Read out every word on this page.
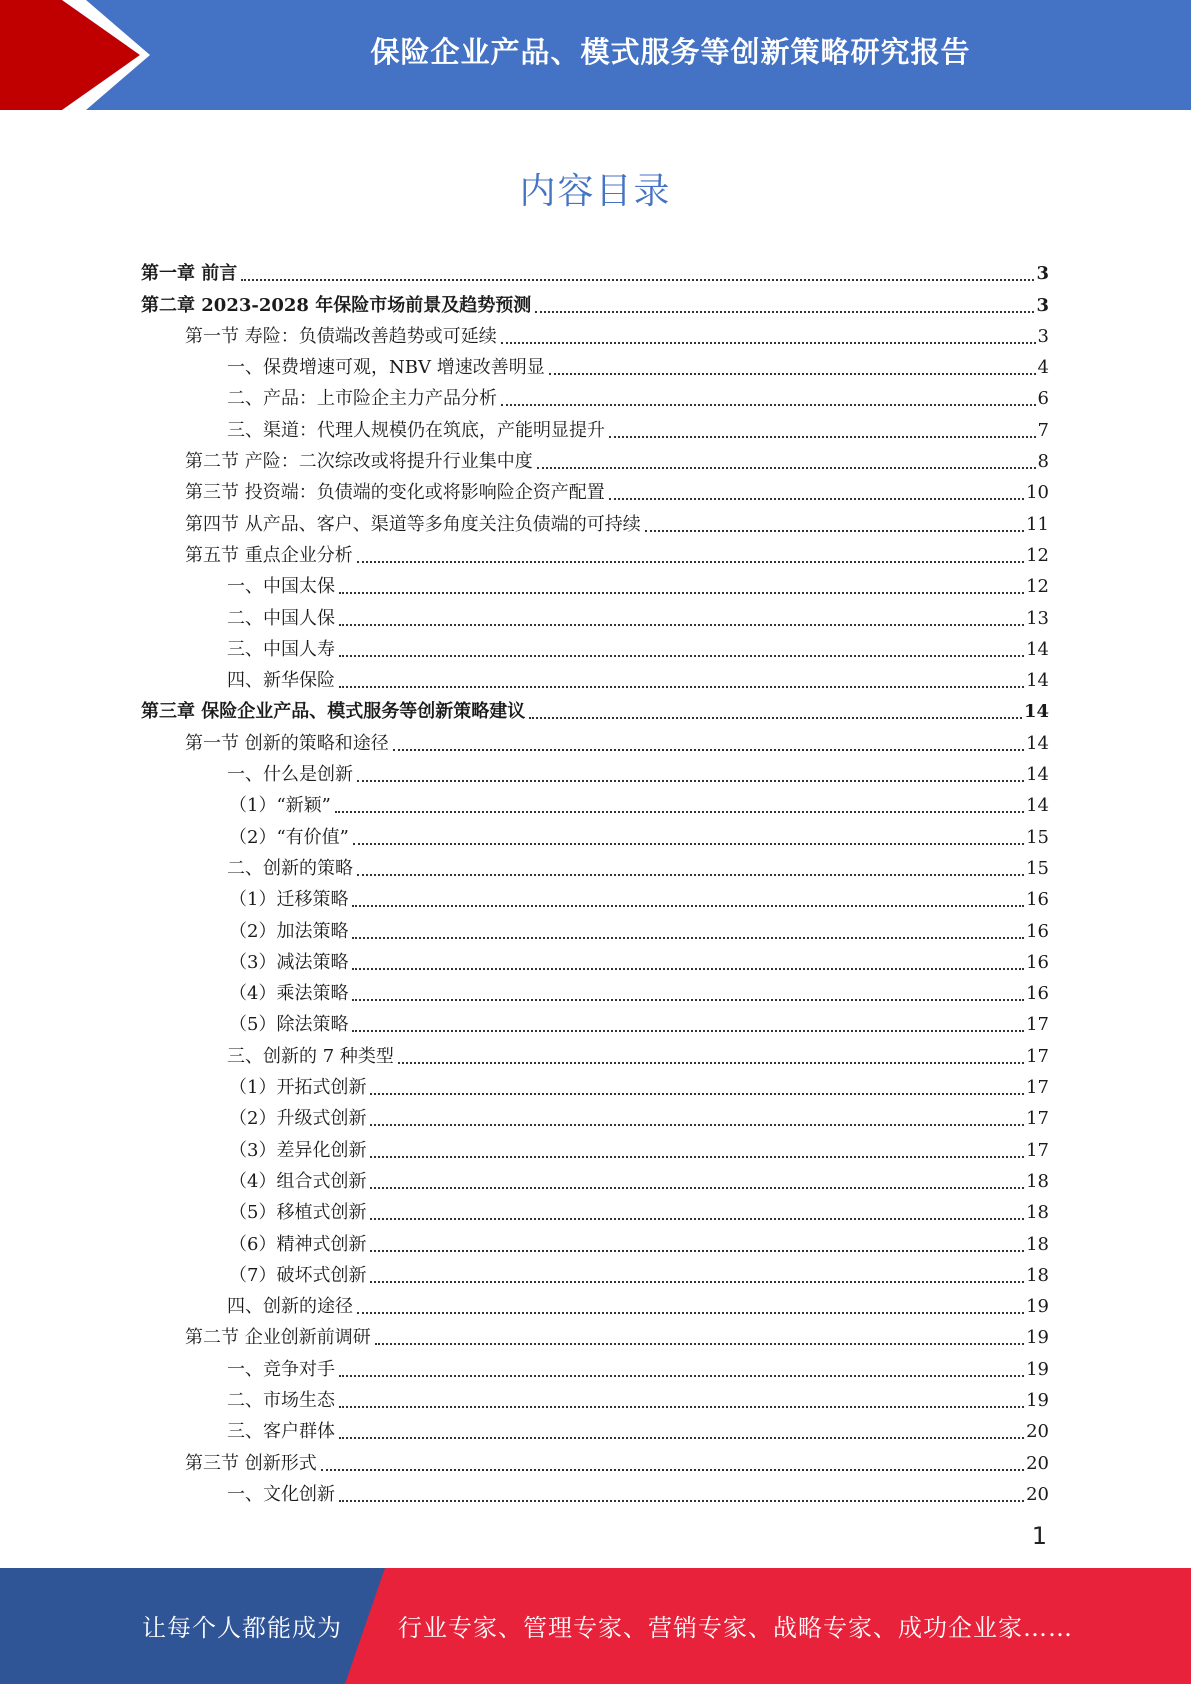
保险企业产品、模式服务等创新策略研究报告
内容目录
第一章 前言	3
第二章 2023-2028 年保险市场前景及趋势预测	3
第一节 寿险：负债端改善趋势或可延续	3
一、保费增速可观，NBV 增速改善明显	4
二、产品：上市险企主力产品分析	6
三、渠道：代理人规模仍在筑底，产能明显提升	7
第二节 产险：二次综改或将提升行业集中度	8
第三节 投资端：负债端的变化或将影响险企资产配置	10
第四节 从产品、客户、渠道等多角度关注负债端的可持续	11
第五节 重点企业分析	12
一、中国太保	12
二、中国人保	13
三、中国人寿	14
四、新华保险	14
第三章 保险企业产品、模式服务等创新策略建议	14
第一节 创新的策略和途径	14
一、什么是创新	14
（1）“新颖”	14
（2）“有价值”	15
二、创新的策略	15
（1）迁移策略	16
（2）加法策略	16
（3）减法策略	16
（4）乘法策略	16
（5）除法策略	17
三、创新的 7 种类型	17
（1）开拓式创新	17
（2）升级式创新	17
（3）差异化创新	17
（4）组合式创新	18
（5）移植式创新	18
（6）精神式创新	18
（7）破坏式创新	18
四、创新的途径	19
第二节 企业创新前调研	19
一、竞争对手	19
二、市场生态	19
三、客户群体	20
第三节 创新形式	20
一、文化创新	20
1
让每个人都能成为 行业专家、管理专家、营销专家、战略专家、成功企业家……
